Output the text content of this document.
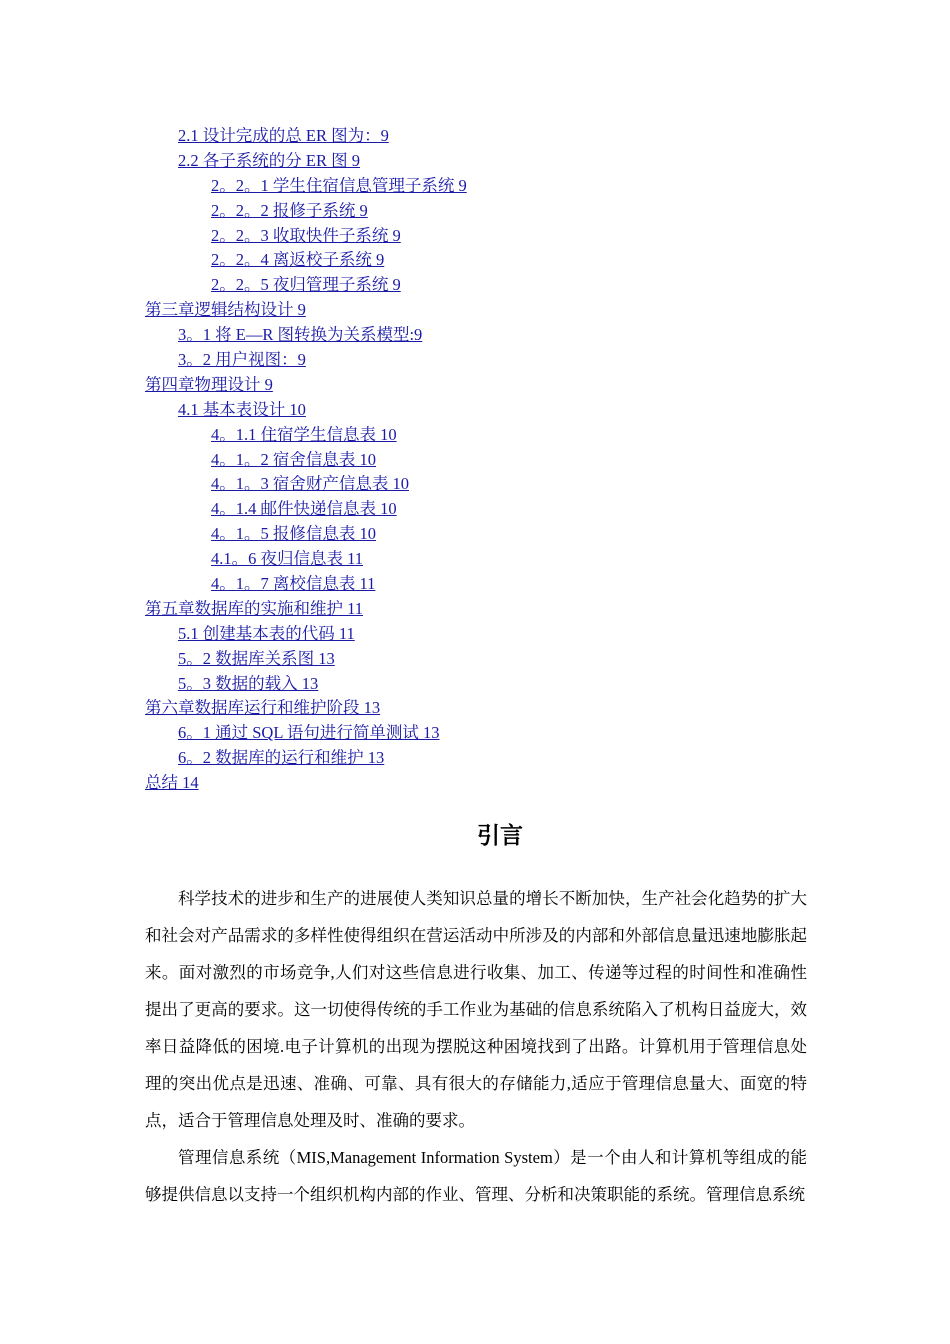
2.1 设计完成的总 ER 图为：9
2.2 各子系统的分 ER 图 9
2。2。1 学生住宿信息管理子系统 9
2。2。2 报修子系统 9
2。2。3 收取快件子系统 9
2。2。4 离返校子系统 9
2。2。5 夜归管理子系统 9
第三章逻辑结构设计 9
3。1 将 E—R 图转换为关系模型:9
3。2 用户视图：9
第四章物理设计 9
4.1 基本表设计 10
4。1.1 住宿学生信息表 10
4。1。2 宿舍信息表 10
4。1。3 宿舍财产信息表 10
4。1.4 邮件快递信息表 10
4。1。5 报修信息表 10
4.1。6 夜归信息表 11
4。1。7 离校信息表 11
第五章数据库的实施和维护 11
5.1 创建基本表的代码 11
5。2 数据库关系图 13
5。3 数据的载入 13
第六章数据库运行和维护阶段 13
6。1 通过 SQL 语句进行简单测试 13
6。2 数据库的运行和维护 13
总结 14
引言

科学技术的进步和生产的进展使人类知识总量的增长不断加快，生产社会化趋势的扩大和社会对产品需求的多样性使得组织在营运活动中所涉及的内部和外部信息量迅速地膨胀起来。面对激烈的市场竞争,人们对这些信息进行收集、加工、传递等过程的时间性和准确性提出了更高的要求。这一切使得传统的手工作业为基础的信息系统陷入了机构日益庞大，效率日益降低的困境.电子计算机的出现为摆脱这种困境找到了出路。计算机用于管理信息处理的突出优点是迅速、准确、可靠、具有很大的存储能力,适应于管理信息量大、面宽的特点，适合于管理信息处理及时、准确的要求。

管理信息系统（MIS,Management Information System）是一个由人和计算机等组成的能够提供信息以支持一个组织机构内部的作业、管理、分析和决策职能的系统。管理信息系统
